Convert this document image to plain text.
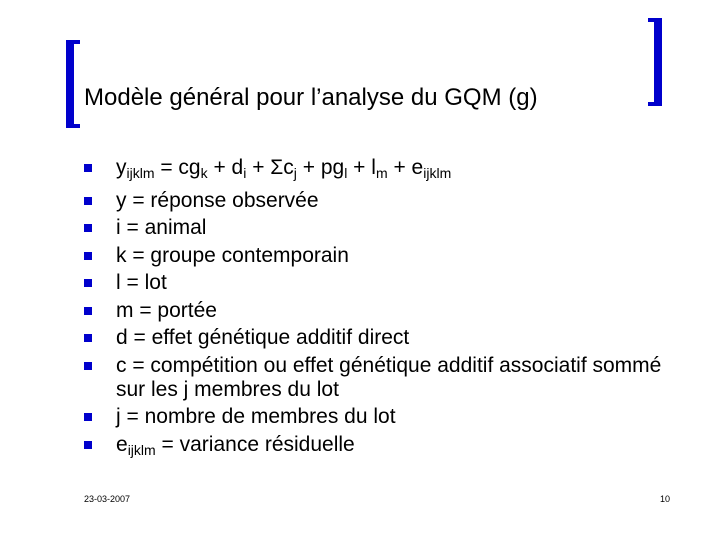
Modèle général pour l’analyse du GQM (g)
$y_{ijklm} = cg_k + d_i + \Sigma c_j + pg_l + l_m + e_{ijklm}$
y = réponse observée
i = animal
k = groupe contemporain
l = lot
m = portée
d = effet génétique additif direct
c = compétition ou effet génétique additif associatif sommé sur les j membres du lot
j = nombre de membres du lot
$e_{ijklm}$ = variance résiduelle
23-03-2007	10
